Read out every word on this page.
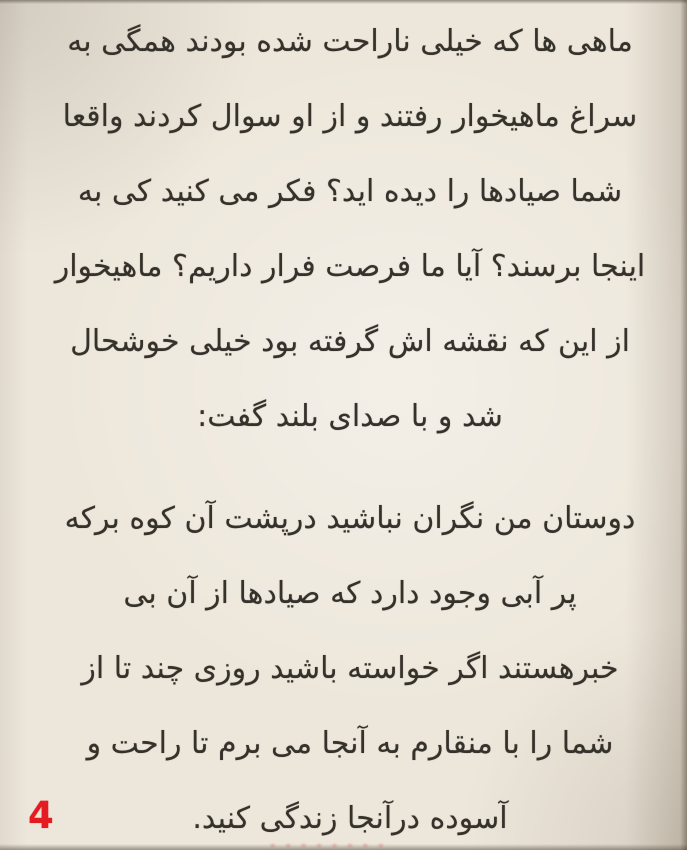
ماهی ها که خیلی ناراحت شده بودند همگی به
سراغ ماهیخوار رفتند و از او سوال کردند واقعا
شما صیادها را دیده اید؟ فکر می کنید کی به
اینجا برسند؟ آیا ما فرصت فرار داریم؟ ماهیخوار
از این که نقشه اش گرفته بود خیلی خوشحال
شد و با صدای بلند گفت:

دوستان من نگران نباشید درپشت آن کوه برکه
پر آبی وجود دارد که صیادها از آن بی
خبرهستند اگر خواسته باشید روزی چند تا از
شما را با منقارم به آنجا می برم تا راحت و
آسوده درآنجا زندگی کنید.

4
••••••••
